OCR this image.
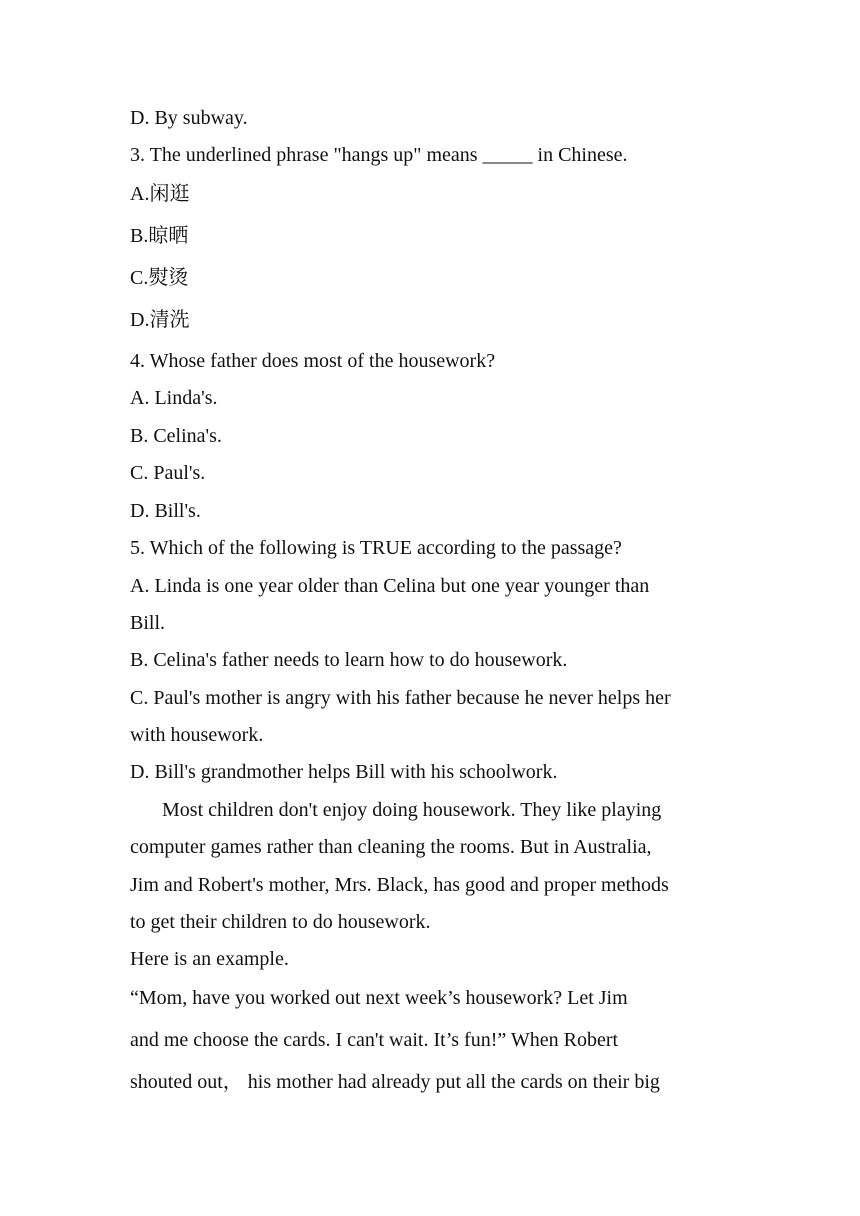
D. By subway.
3. The underlined phrase "hangs up" means _____ in Chinese.
A.闲逛
B.晾晒
C.熨烫
D.清洗
4. Whose father does most of the housework?
A. Linda's.
B. Celina's.
C. Paul's.
D. Bill's.
5. Which of the following is TRUE according to the passage?
A. Linda is one year older than Celina but one year younger than
Bill.
B. Celina's father needs to learn how to do housework.
C. Paul's mother is angry with his father because he never helps her
with housework.
D. Bill's grandmother helps Bill with his schoolwork.
Most children don't enjoy doing housework. They like playing
computer games rather than cleaning the rooms. But in Australia,
Jim and Robert's mother, Mrs. Black, has good and proper methods
to get their children to do housework.
Here is an example.
“Mom, have you worked out next week’s housework? Let Jim
and me choose the cards. I can't wait. It’s fun!” When Robert
shouted out， his mother had already put all the cards on their big
